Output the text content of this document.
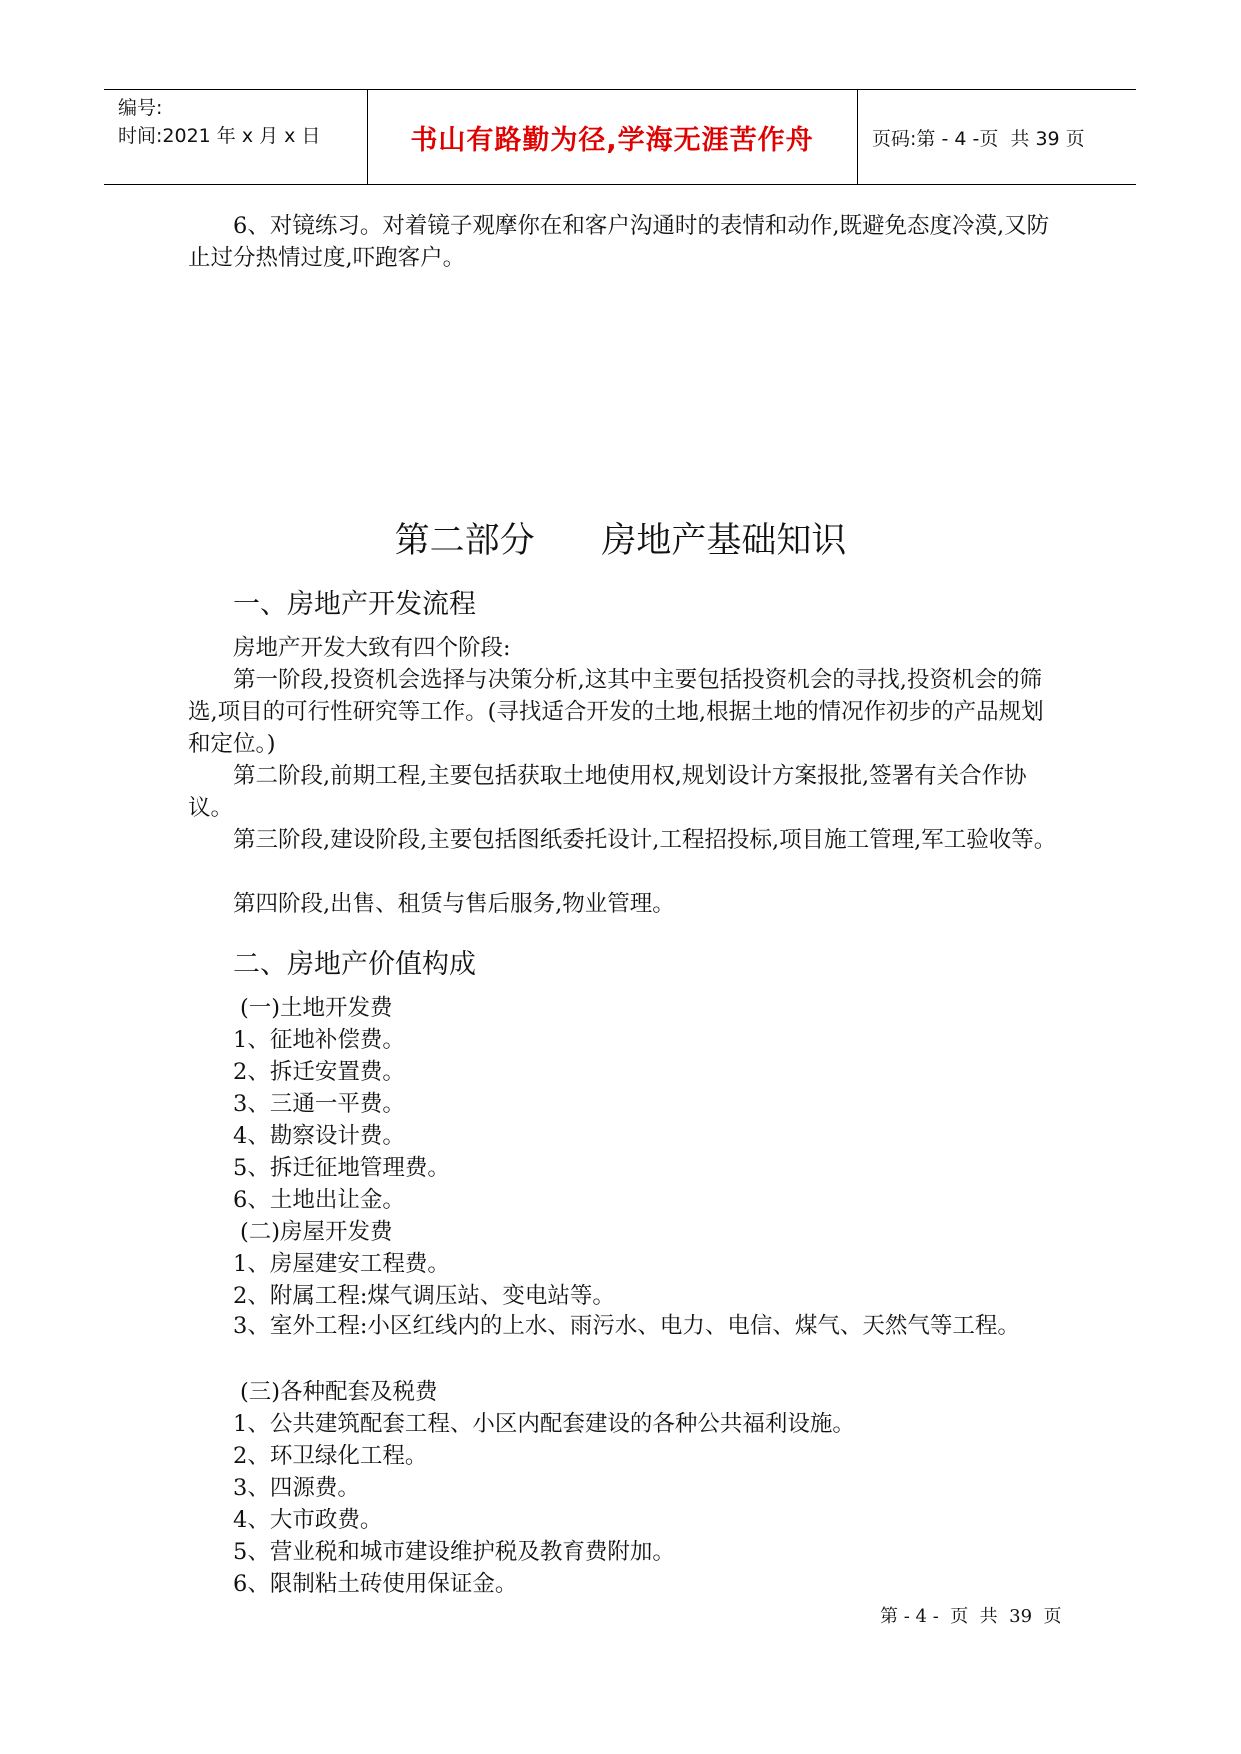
编号:
时间:2021 年 x 月 x 日	书山有路勤为径,学海无涯苦作舟	页码:第 - 4 -页  共 39 页

6、对镜练习。对着镜子观摩你在和客户沟通时的表情和动作,既避免态度冷漠,又防止过分热情过度,吓跑客户。

第二部分      房地产基础知识
一、房地产开发流程

房地产开发大致有四个阶段:

第一阶段,投资机会选择与决策分析,这其中主要包括投资机会的寻找,投资机会的筛选,项目的可行性研究等工作。(寻找适合开发的土地,根据土地的情况作初步的产品规划和定位。)

第二阶段,前期工程,主要包括获取土地使用权,规划设计方案报批,签署有关合作协议。

第三阶段,建设阶段,主要包括图纸委托设计,工程招投标,项目施工管理,军工验收等。

第四阶段,出售、租赁与售后服务,物业管理。

二、房地产价值构成
(一)土地开发费
1、征地补偿费。
2、拆迁安置费。
3、三通一平费。
4、勘察设计费。
5、拆迁征地管理费。
6、土地出让金。
(二)房屋开发费
1、房屋建安工程费。
2、附属工程:煤气调压站、变电站等。

3、室外工程:小区红线内的上水、雨污水、电力、电信、煤气、天然气等工程。

(三)各种配套及税费
1、公共建筑配套工程、小区内配套建设的各种公共福利设施。
2、环卫绿化工程。
3、四源费。
4、大市政费。
5、营业税和城市建设维护税及教育费附加。
6、限制粘土砖使用保证金。
第 - 4 -  页  共  39  页
